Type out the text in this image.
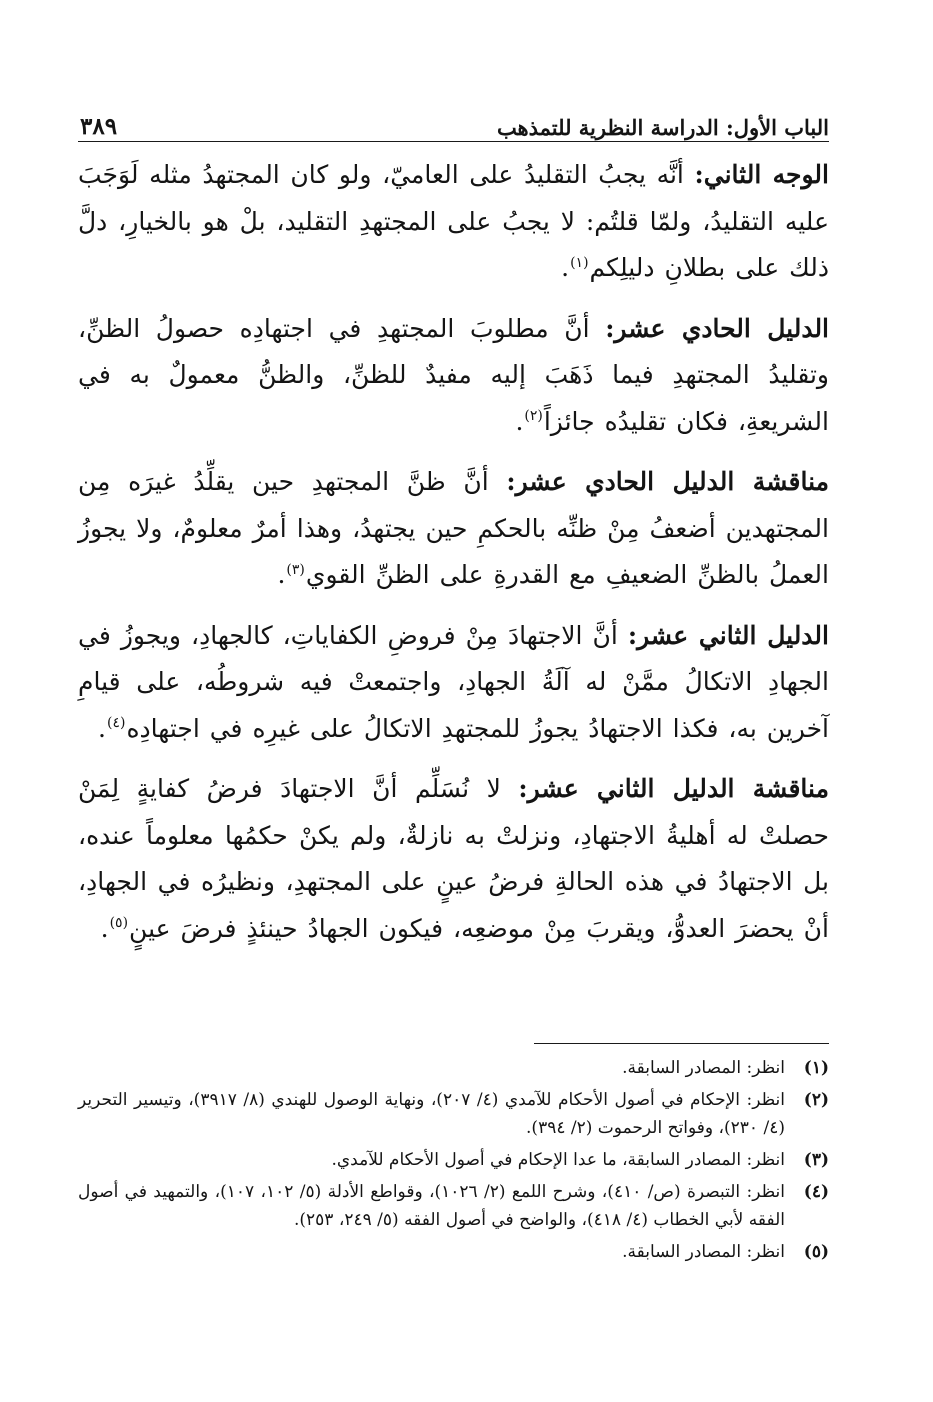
الباب الأول: الدراسة النظرية للتمذهب
٣٨٩

الوجه الثاني: أنَّه يجبُ التقليدُ على العاميّ، ولو كان المجتهدُ مثله لَوَجَبَ عليه التقليدُ، ولمّا قلتُم: لا يجبُ على المجتهدِ التقليد، بلْ هو بالخيارِ، دلَّ ذلك على بطلانِ دليلِكم$^{(١)}$.

الدليل الحادي عشر: أنَّ مطلوبَ المجتهدِ في اجتهادِه حصولُ الظنِّ، وتقليدُ المجتهدِ فيما ذَهَبَ إليه مفيدٌ للظنِّ، والظنُّ معمولٌ به في الشريعةِ، فكان تقليدُه جائزاً$^{(٢)}$.

مناقشة الدليل الحادي عشر: أنَّ ظنَّ المجتهدِ حين يقلِّدُ غيرَه مِن المجتهدين أضعفُ مِنْ ظنِّه بالحكمِ حين يجتهدُ، وهذا أمرٌ معلومٌ، ولا يجوزُ العملُ بالظنِّ الضعيفِ مع القدرةِ على الظنِّ القوي$^{(٣)}$.

الدليل الثاني عشر: أنَّ الاجتهادَ مِنْ فروضِ الكفاياتِ، كالجهادِ، ويجوزُ في الجهادِ الاتكالُ ممَّنْ له آلَةُ الجهادِ، واجتمعتْ فيه شروطُه، على قيامِ آخرين به، فكذا الاجتهادُ يجوزُ للمجتهدِ الاتكالُ على غيرِه في اجتهادِه$^{(٤)}$.

مناقشة الدليل الثاني عشر: لا نُسَلِّم أنَّ الاجتهادَ فرضُ كفايةٍ لِمَنْ حصلتْ له أهليةُ الاجتهادِ، ونزلتْ به نازلةٌ، ولم يكنْ حكمُها معلوماً عنده، بل الاجتهادُ في هذه الحالةِ فرضُ عينٍ على المجتهدِ، ونظيرُه في الجهادِ، أنْ يحضرَ العدوُّ، ويقربَ مِنْ موضعِه، فيكون الجهادُ حينئذٍ فرضَ عينٍ$^{(٥)}$.

(١)
انظر: المصادر السابقة.
(٢)
انظر: الإحكام في أصول الأحكام للآمدي (٤/ ٢٠٧)، ونهاية الوصول للهندي (٨/ ٣٩١٧)، وتيسير التحرير (٤/ ٢٣٠)، وفواتح الرحموت (٢/ ٣٩٤).
(٣)
انظر: المصادر السابقة، ما عدا الإحكام في أصول الأحكام للآمدي.
(٤)
انظر: التبصرة (ص/ ٤١٠)، وشرح اللمع (٢/ ١٠٢٦)، وقواطع الأدلة (٥/ ١٠٢، ١٠٧)، والتمهيد في أصول الفقه لأبي الخطاب (٤/ ٤١٨)، والواضح في أصول الفقه (٥/ ٢٤٩، ٢٥٣).
(٥)
انظر: المصادر السابقة.
